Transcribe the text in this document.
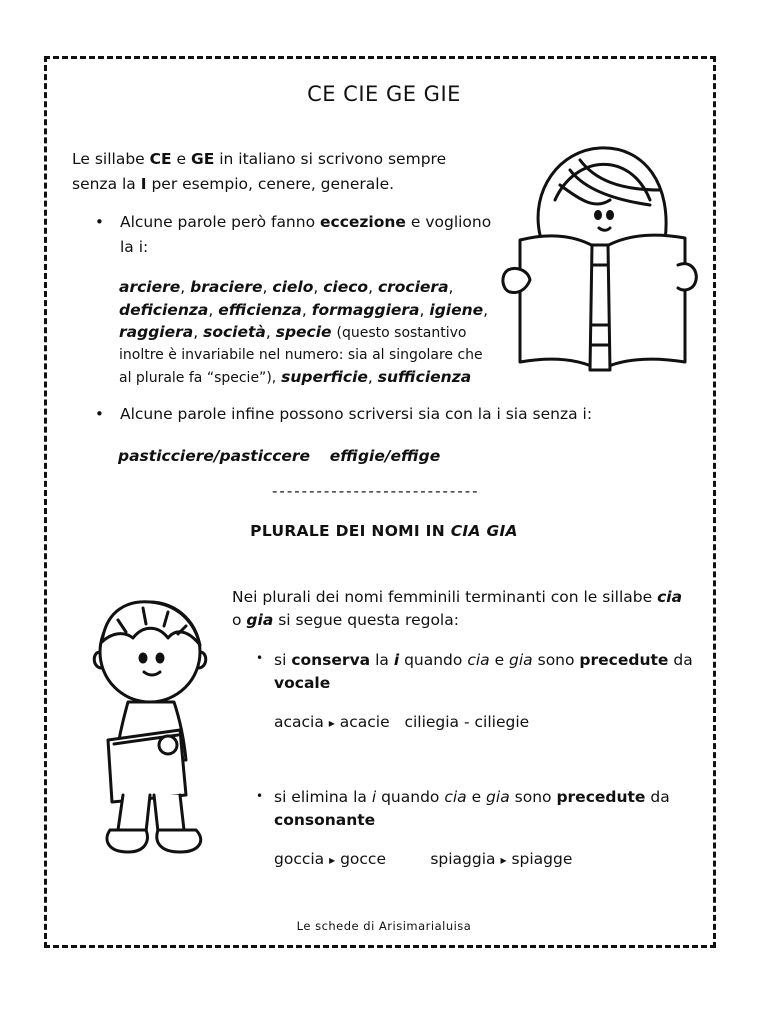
CE CIE GE GIE
Le sillabe CE e GE in italiano si scrivono sempre
senza la I per esempio, cenere, generale.
• Alcune parole però fanno eccezione e vogliono
la i:
arciere, braciere, cielo, cieco, crociera,
deficienza, efficienza, formaggiera, igiene,
raggiera, società, specie (questo sostantivo
inoltre è invariabile nel numero: sia al singolare che
al plurale fa “specie”), superficie, sufficienza
• Alcune parole infine possono scriversi sia con la i sia senza i:
pasticciere/pasticcere effigie/effige
----------------------------
PLURALE DEI NOMI IN CIA GIA
Nei plurali dei nomi femminili terminanti con le sillabe cia
o gia si segue questa regola:
• si conserva la i quando cia e gia sono precedute da
vocale
acacia ▸ acacie ciliegia - ciliegie
• si elimina la i quando cia e gia sono precedute da
consonante
goccia ▸ gocce	spiaggia ▸ spiagge
Le schede di Arisimarialuisa
